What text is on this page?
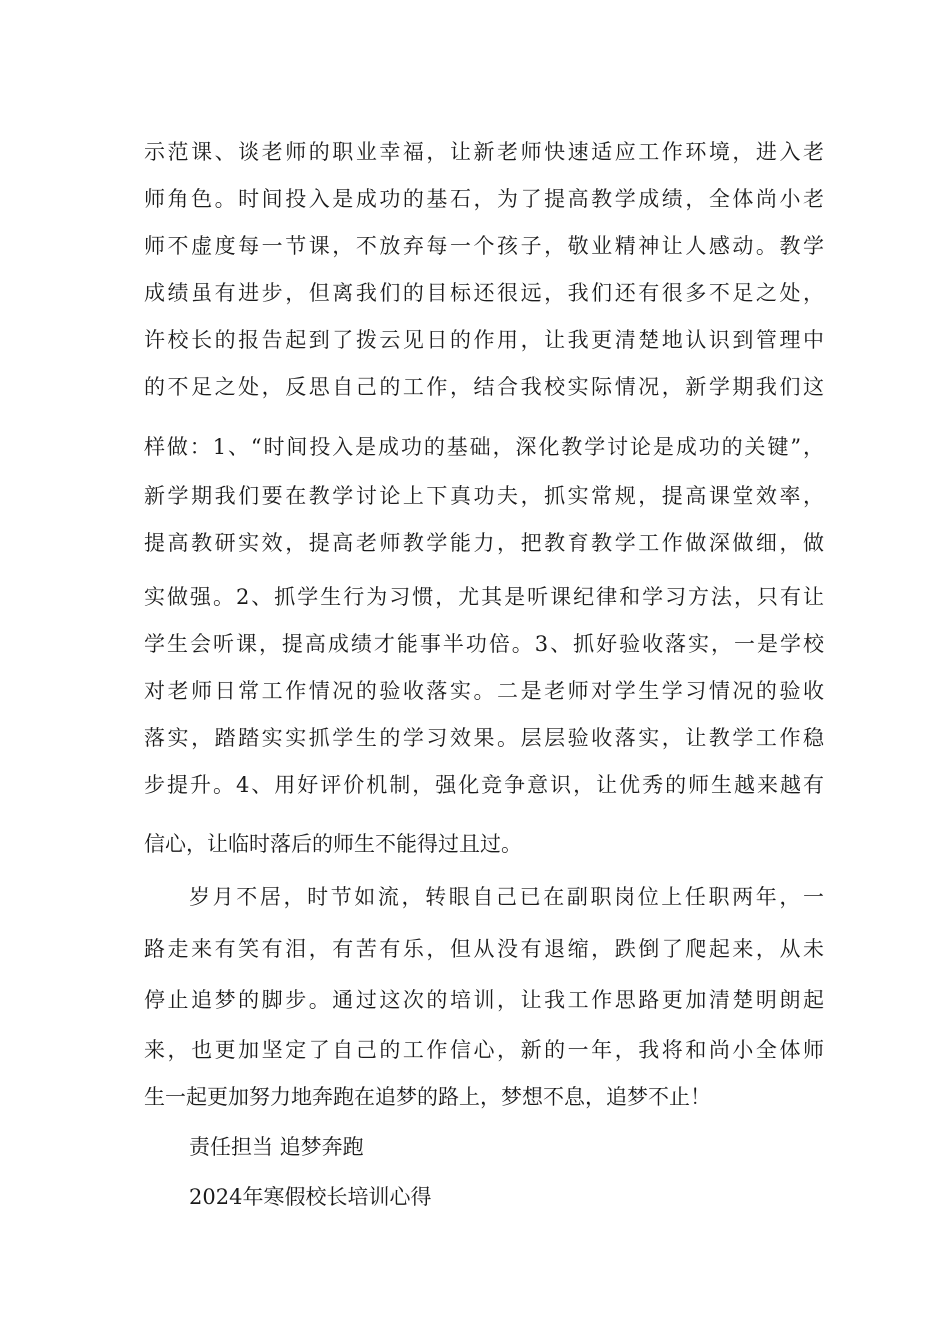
示范课、谈老师的职业幸福，让新老师快速适应工作环境，进入老
师角色。时间投入是成功的基石，为了提高教学成绩，全体尚小老
师不虚度每一节课，不放弃每一个孩子，敬业精神让人感动。教学
成绩虽有进步，但离我们的目标还很远，我们还有很多不足之处，
许校长的报告起到了拨云见日的作用，让我更清楚地认识到管理中
的不足之处，反思自己的工作，结合我校实际情况，新学期我们这
样做：1、“时间投入是成功的基础，深化教学讨论是成功的关键”，
新学期我们要在教学讨论上下真功夫，抓实常规，提高课堂效率，
提高教研实效，提高老师教学能力，把教育教学工作做深做细，做
实做强。2、抓学生行为习惯，尤其是听课纪律和学习方法，只有让
学生会听课，提高成绩才能事半功倍。3、抓好验收落实，一是学校
对老师日常工作情况的验收落实。二是老师对学生学习情况的验收
落实，踏踏实实抓学生的学习效果。层层验收落实，让教学工作稳
步提升。4、用好评价机制，强化竞争意识，让优秀的师生越来越有
信心，让临时落后的师生不能得过且过。
岁月不居，时节如流，转眼自己已在副职岗位上任职两年，一
路走来有笑有泪，有苦有乐，但从没有退缩，跌倒了爬起来，从未
停止追梦的脚步。通过这次的培训，让我工作思路更加清楚明朗起
来，也更加坚定了自己的工作信心，新的一年，我将和尚小全体师
生一起更加努力地奔跑在追梦的路上，梦想不息，追梦不止！
责任担当 追梦奔跑
2024年寒假校长培训心得
